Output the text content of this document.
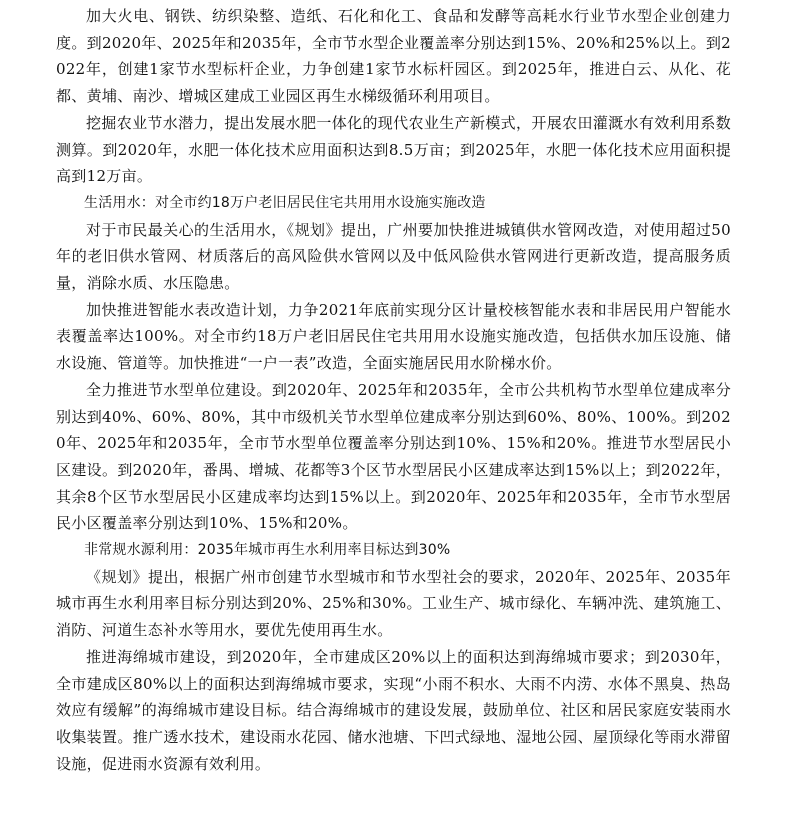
加大火电、钢铁、纺织染整、造纸、石化和化工、食品和发酵等高耗水行业节水型企业创建力度。到2020年、2025年和2035年，全市节水型企业覆盖率分别达到15%、20%和25%以上。到2022年，创建1家节水型标杆企业，力争创建1家节水标杆园区。到2025年，推进白云、从化、花都、黄埔、南沙、增城区建成工业园区再生水梯级循环利用项目。

挖掘农业节水潜力，提出发展水肥一体化的现代农业生产新模式，开展农田灌溉水有效利用系数测算。到2020年，水肥一体化技术应用面积达到8.5万亩；到2025年，水肥一体化技术应用面积提高到12万亩。

生活用水：对全市约18万户老旧居民住宅共用用水设施实施改造

对于市民最关心的生活用水，《规划》提出，广州要加快推进城镇供水管网改造，对使用超过50年的老旧供水管网、材质落后的高风险供水管网以及中低风险供水管网进行更新改造，提高服务质量，消除水质、水压隐患。

加快推进智能水表改造计划，力争2021年底前实现分区计量校核智能水表和非居民用户智能水表覆盖率达100%。对全市约18万户老旧居民住宅共用用水设施实施改造，包括供水加压设施、储水设施、管道等。加快推进“一户一表”改造，全面实施居民用水阶梯水价。

全力推进节水型单位建设。到2020年、2025年和2035年，全市公共机构节水型单位建成率分别达到40%、60%、80%，其中市级机关节水型单位建成率分别达到60%、80%、100%。到2020年、2025年和2035年，全市节水型单位覆盖率分别达到10%、15%和20%。推进节水型居民小区建设。到2020年，番禺、增城、花都等3个区节水型居民小区建成率达到15%以上；到2022年，其余8个区节水型居民小区建成率均达到15%以上。到2020年、2025年和2035年，全市节水型居民小区覆盖率分别达到10%、15%和20%。

非常规水源利用：2035年城市再生水利用率目标达到30%

《规划》提出，根据广州市创建节水型城市和节水型社会的要求，2020年、2025年、2035年城市再生水利用率目标分别达到20%、25%和30%。工业生产、城市绿化、车辆冲洗、建筑施工、消防、河道生态补水等用水，要优先使用再生水。

推进海绵城市建设，到2020年，全市建成区20%以上的面积达到海绵城市要求；到2030年，全市建成区80%以上的面积达到海绵城市要求，实现“小雨不积水、大雨不内涝、水体不黑臭、热岛效应有缓解”的海绵城市建设目标。结合海绵城市的建设发展，鼓励单位、社区和居民家庭安装雨水收集装置。推广透水技术，建设雨水花园、储水池塘、下凹式绿地、湿地公园、屋顶绿化等雨水滞留设施，促进雨水资源有效利用。
